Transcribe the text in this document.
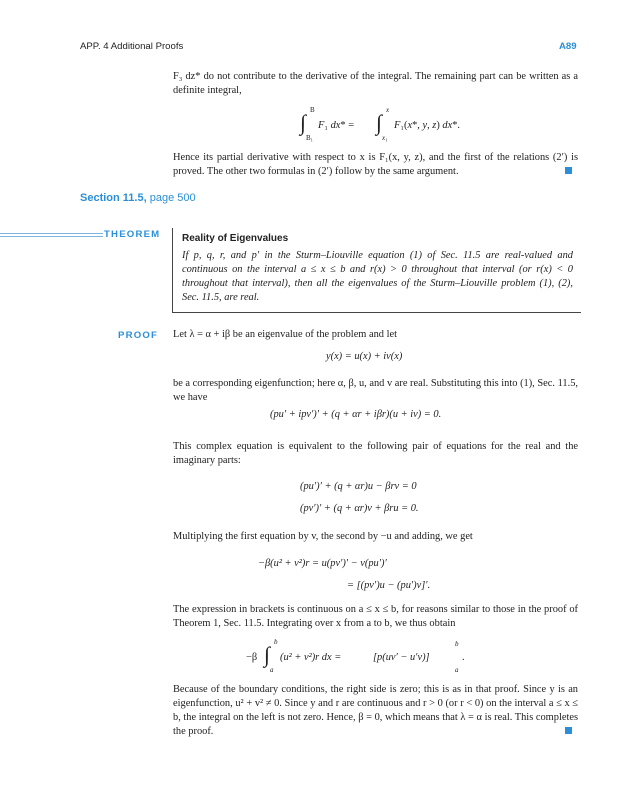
APP. 4 Additional Proofs	A89

F₃ dz* do not contribute to the derivative of the integral. The remaining part can be written as a definite integral,

∫ B
B₁
F₁ dx* = ∫ x
x₁
F₁(x*, y, z) dx*.

Hence its partial derivative with respect to x is F₁(x, y, z), and the first of the relations (2′) is proved. The other two formulas in (2′) follow by the same argument.

Section 11.5, page 500
THEOREM Reality of Eigenvalues
If p, q, r, and p′ in the Sturm–Liouville equation (1) of Sec. 11.5 are real-valued and continuous on the interval a ≤ x ≤ b and r(x) > 0 throughout that interval (or r(x) < 0 throughout that interval), then all the eigenvalues of the Sturm–Liouville problem (1), (2), Sec. 11.5, are real.
PROOF Let λ = α + iβ be an eigenvalue of the problem and let

y(x) = u(x) + iv(x)

be a corresponding eigenfunction; here α, β, u, and v are real. Substituting this into (1), Sec. 11.5, we have

(pu′ + ipv′)′ + (q + αr + iβr)(u + iv) = 0.

This complex equation is equivalent to the following pair of equations for the real and the imaginary parts:

(pu′)′ + (q + αr)u − βrv = 0
(pv′)′ + (q + αr)v + βru = 0.

Multiplying the first equation by v, the second by −u and adding, we get

−β(u² + v²)r = u(pv′)′ − v(pu′)′
= [(pv′)u − (pu′)v]′.

The expression in brackets is continuous on a ≤ x ≤ b, for reasons similar to those in the proof of Theorem 1, Sec. 11.5. Integrating over x from a to b, we thus obtain

−β ∫ b
a
(u² + v²)r dx =	[p(uv′ − u′v)]
b
a
.

Because of the boundary conditions, the right side is zero; this is as in that proof. Since y is an eigenfunction, u² + v² ≠ 0. Since y and r are continuous and r > 0 (or r < 0) on the interval a ≤ x ≤ b, the integral on the left is not zero. Hence, β = 0, which means that λ = α is real. This completes the proof.
